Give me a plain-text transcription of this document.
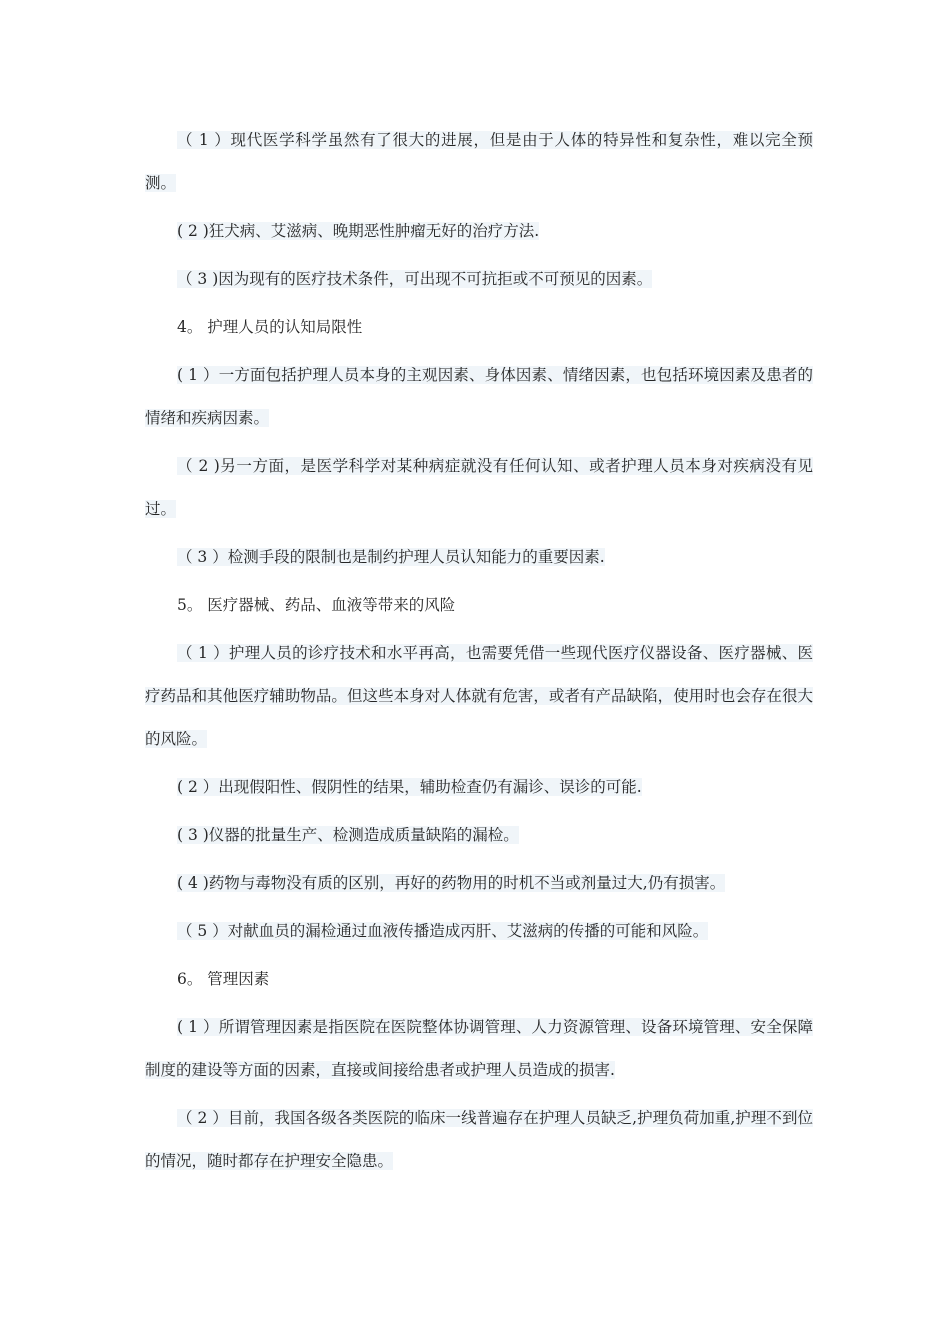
（ 1 ）现代医学科学虽然有了很大的进展，但是由于人体的特异性和复杂性，难以完全预测。

( 2 )狂犬病、艾滋病、晚期恶性肿瘤无好的治疗方法.

（ 3 )因为现有的医疗技术条件，可出现不可抗拒或不可预见的因素。

4。 护理人员的认知局限性

( 1 ）一方面包括护理人员本身的主观因素、身体因素、情绪因素，也包括环境因素及患者的情绪和疾病因素。

（ 2 )另一方面，是医学科学对某种病症就没有任何认知、或者护理人员本身对疾病没有见过。

（ 3 ）检测手段的限制也是制约护理人员认知能力的重要因素.

5。 医疗器械、药品、血液等带来的风险

（ 1 ）护理人员的诊疗技术和水平再高，也需要凭借一些现代医疗仪器设备、医疗器械、医疗药品和其他医疗辅助物品。但这些本身对人体就有危害，或者有产品缺陷，使用时也会存在很大的风险。

( 2 ）出现假阳性、假阴性的结果，辅助检查仍有漏诊、误诊的可能.

( 3 )仪器的批量生产、检测造成质量缺陷的漏检。

( 4 )药物与毒物没有质的区别，再好的药物用的时机不当或剂量过大,仍有损害。

（ 5 ）对献血员的漏检通过血液传播造成丙肝、艾滋病的传播的可能和风险。

6。 管理因素

( 1 ）所谓管理因素是指医院在医院整体协调管理、人力资源管理、设备环境管理、安全保障制度的建设等方面的因素，直接或间接给患者或护理人员造成的损害.

（ 2 ）目前，我国各级各类医院的临床一线普遍存在护理人员缺乏,护理负荷加重,护理不到位的情况，随时都存在护理安全隐患。
